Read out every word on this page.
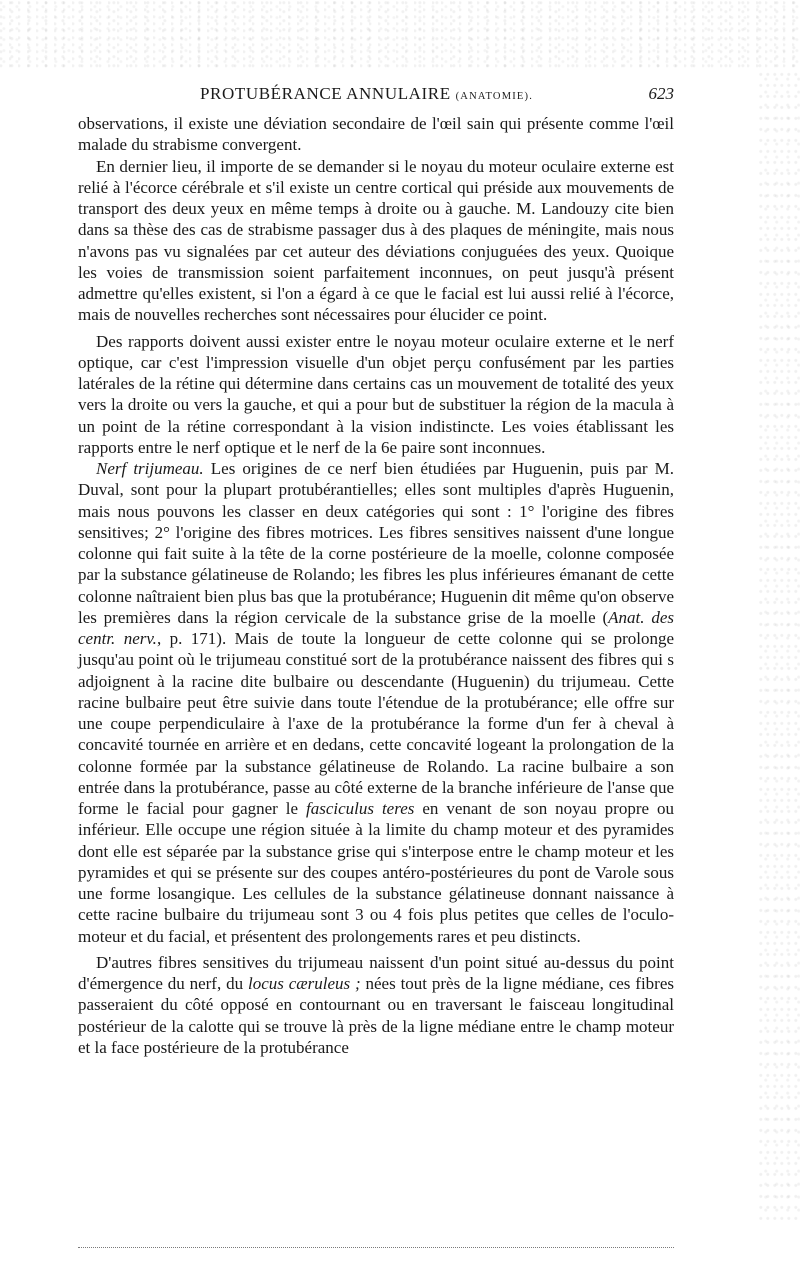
PROTUBÉRANCE ANNULAIRE (ANATOMIE).	623

observations, il existe une déviation secondaire de l'œil sain qui présente comme l'œil malade du strabisme convergent.

En dernier lieu, il importe de se demander si le noyau du moteur oculaire externe est relié à l'écorce cérébrale et s'il existe un centre cortical qui préside aux mouvements de transport des deux yeux en même temps à droite ou à gauche. M. Landouzy cite bien dans sa thèse des cas de strabisme passager dus à des plaques de méningite, mais nous n'avons pas vu signalées par cet auteur des déviations conjuguées des yeux. Quoique les voies de transmission soient parfaitement inconnues, on peut jusqu'à présent admettre qu'elles existent, si l'on a égard à ce que le facial est lui aussi relié à l'écorce, mais de nouvelles recherches sont nécessaires pour élucider ce point.

Des rapports doivent aussi exister entre le noyau moteur oculaire externe et le nerf optique, car c'est l'impression visuelle d'un objet perçu confusément par les parties latérales de la rétine qui détermine dans certains cas un mouvement de totalité des yeux vers la droite ou vers la gauche, et qui a pour but de substituer la région de la macula à un point de la rétine correspondant à la vision indistincte. Les voies établissant les rapports entre le nerf optique et le nerf de la 6e paire sont inconnues.

Nerf trijumeau. Les origines de ce nerf bien étudiées par Huguenin, puis par M. Duval, sont pour la plupart protubérantielles; elles sont multiples d'après Huguenin, mais nous pouvons les classer en deux catégories qui sont : 1° l'origine des fibres sensitives; 2° l'origine des fibres motrices. Les fibres sensitives naissent d'une longue colonne qui fait suite à la tête de la corne postérieure de la moelle, colonne composée par la substance gélatineuse de Rolando; les fibres les plus inférieures émanant de cette colonne naîtraient bien plus bas que la protubérance; Huguenin dit même qu'on observe les premières dans la région cervicale de la substance grise de la moelle (Anat. des centr. nerv., p. 171). Mais de toute la longueur de cette colonne qui se prolonge jusqu'au point où le trijumeau constitué sort de la protubérance naissent des fibres qui s adjoignent à la racine dite bulbaire ou descendante (Huguenin) du trijumeau. Cette racine bulbaire peut être suivie dans toute l'étendue de la protubérance; elle offre sur une coupe perpendiculaire à l'axe de la protubérance la forme d'un fer à cheval à concavité tournée en arrière et en dedans, cette concavité logeant la prolongation de la colonne formée par la substance gélatineuse de Rolando. La racine bulbaire a son entrée dans la protubérance, passe au côté externe de la branche inférieure de l'anse que forme le facial pour gagner le fasciculus teres en venant de son noyau propre ou inférieur. Elle occupe une région située à la limite du champ moteur et des pyramides dont elle est séparée par la substance grise qui s'interpose entre le champ moteur et les pyramides et qui se présente sur des coupes antéro-postérieures du pont de Varole sous une forme losangique. Les cellules de la substance gélatineuse donnant naissance à cette racine bulbaire du trijumeau sont 3 ou 4 fois plus petites que celles de l'oculo-moteur et du facial, et présentent des prolongements rares et peu distincts.

D'autres fibres sensitives du trijumeau naissent d'un point situé au-dessus du point d'émergence du nerf, du locus cæruleus ; nées tout près de la ligne médiane, ces fibres passeraient du côté opposé en contournant ou en traversant le faisceau longitudinal postérieur de la calotte qui se trouve là près de la ligne médiane entre le champ moteur et la face postérieure de la protubérance
